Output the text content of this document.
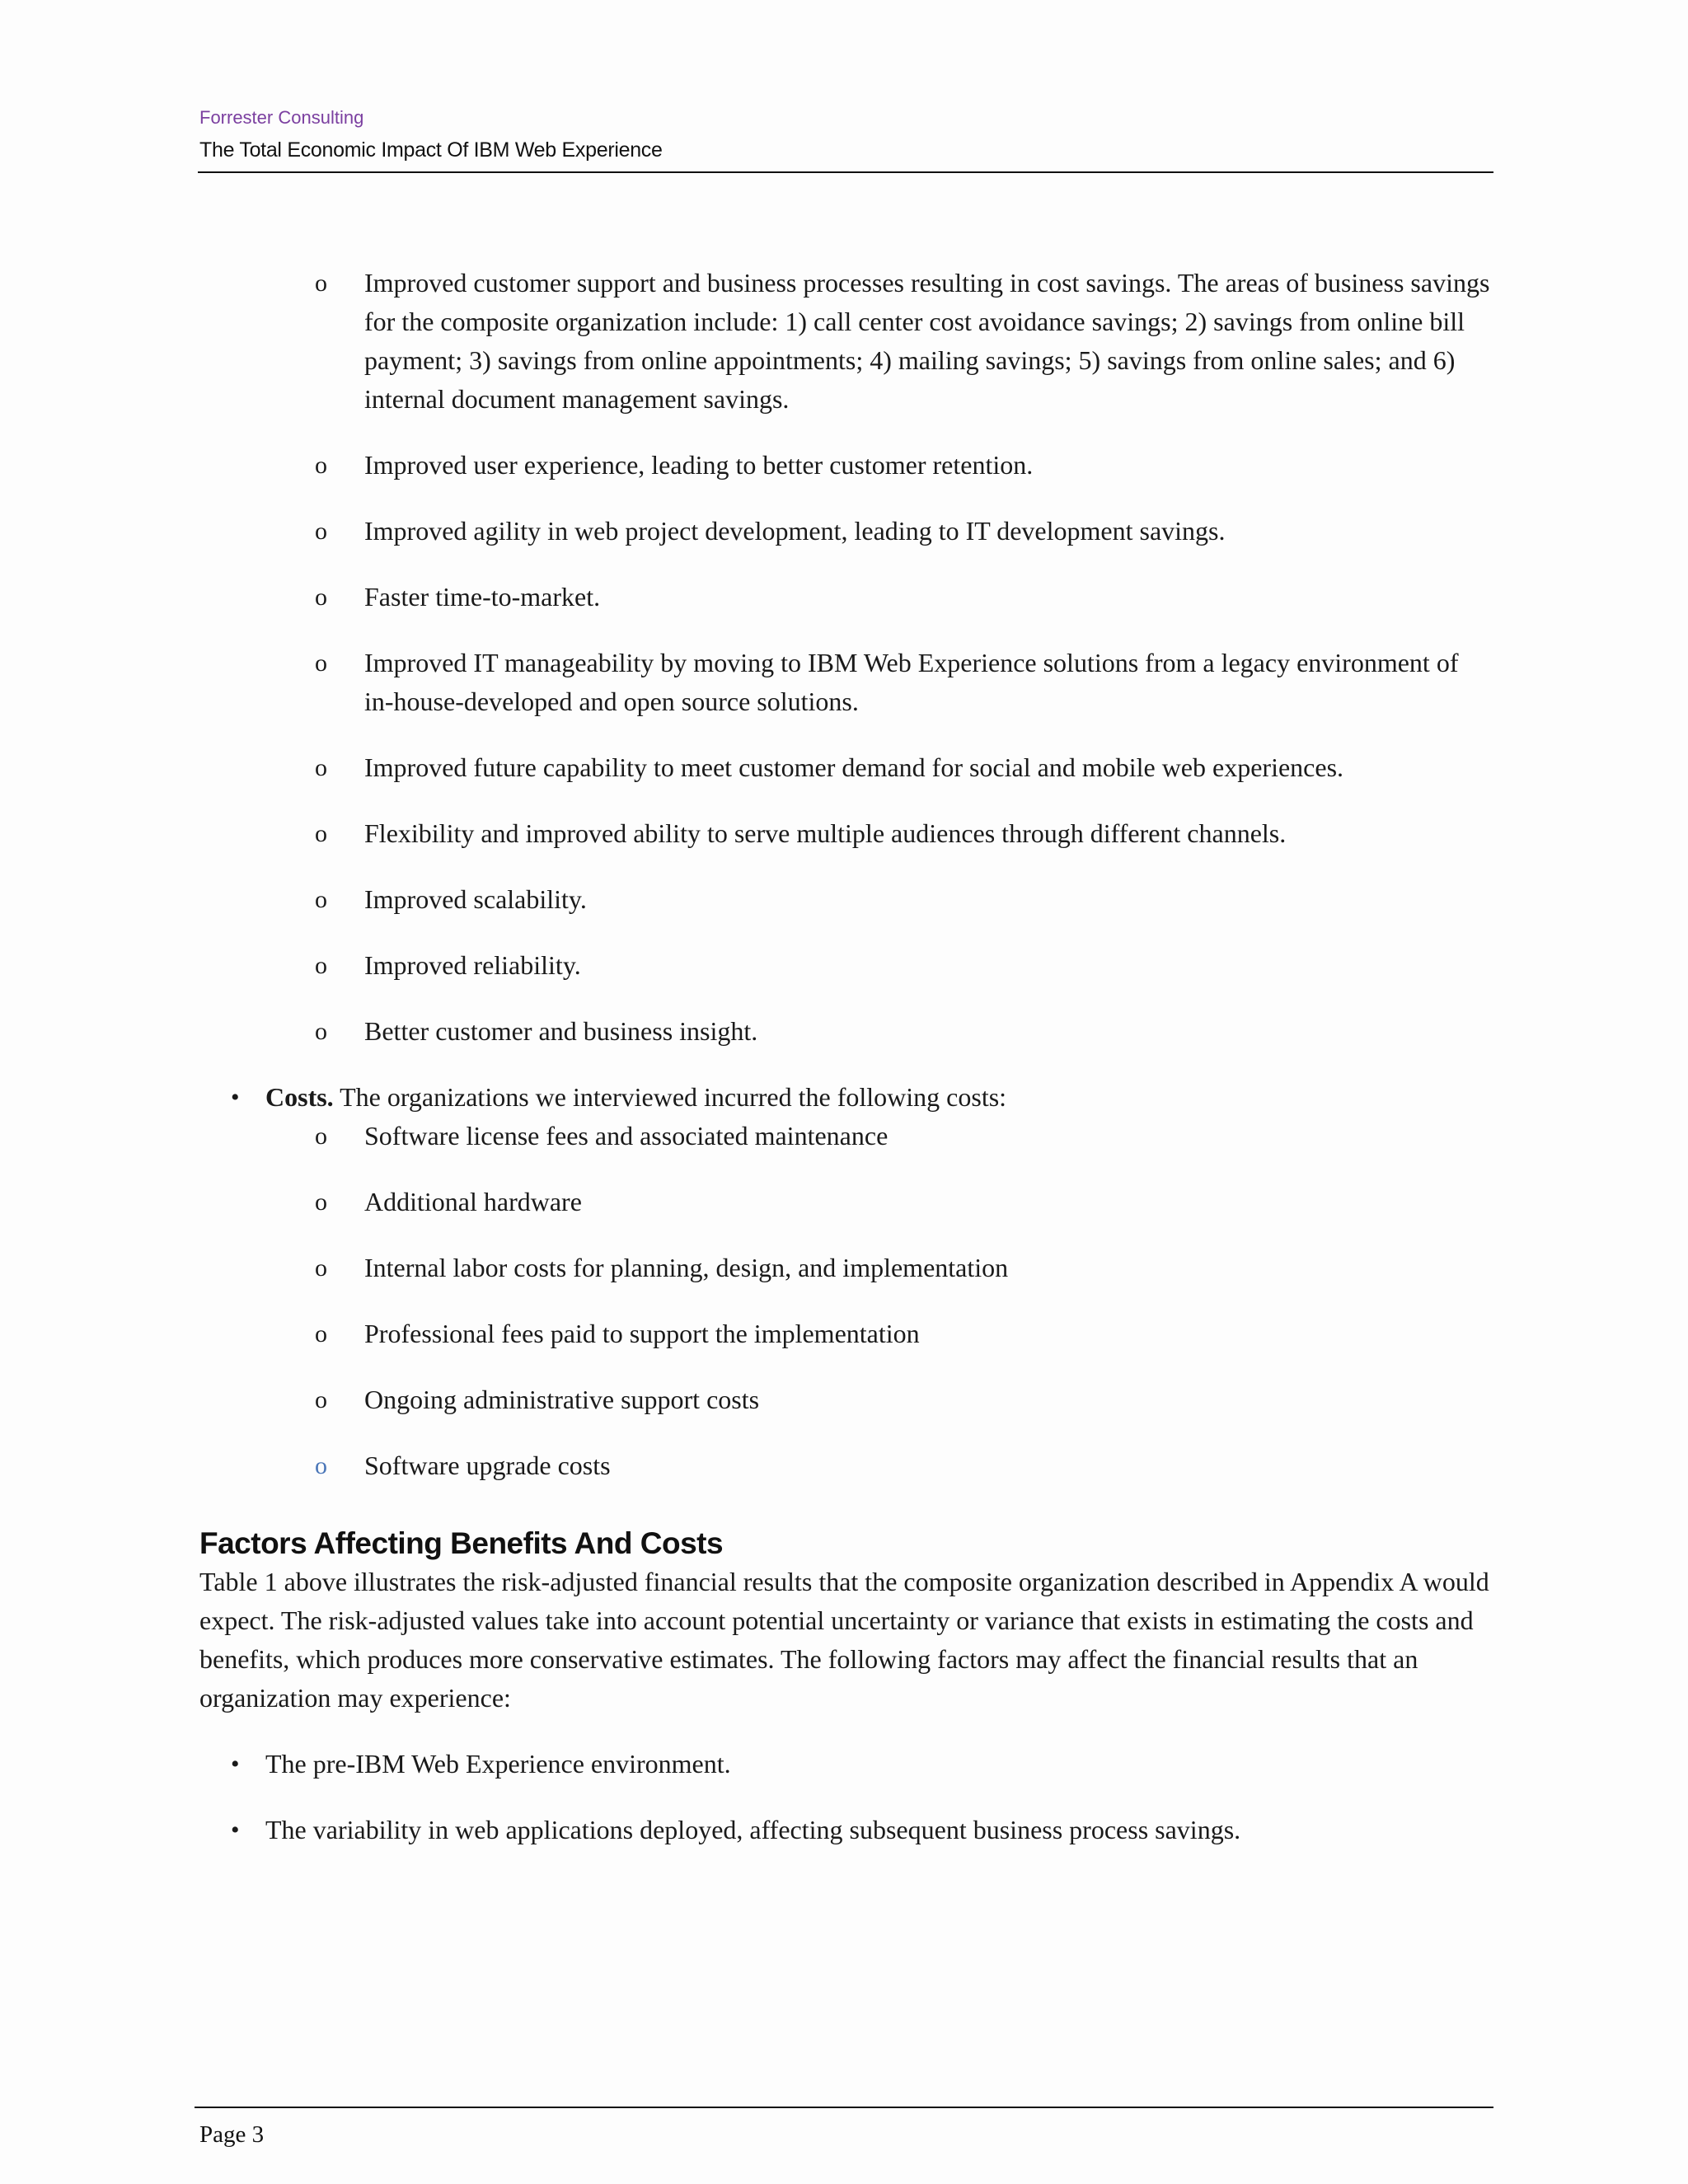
Forrester Consulting
The Total Economic Impact Of IBM Web Experience
o Improved customer support and business processes resulting in cost savings. The areas of business savings for the composite organization include: 1) call center cost avoidance savings; 2) savings from online bill payment; 3) savings from online appointments; 4) mailing savings; 5) savings from online sales; and 6) internal document management savings.
o Improved user experience, leading to better customer retention.
o Improved agility in web project development, leading to IT development savings.
o Faster time-to-market.
o Improved IT manageability by moving to IBM Web Experience solutions from a legacy environment of in-house-developed and open source solutions.
o Improved future capability to meet customer demand for social and mobile web experiences.
o Flexibility and improved ability to serve multiple audiences through different channels.
o Improved scalability.
o Improved reliability.
o Better customer and business insight.
• Costs. The organizations we interviewed incurred the following costs:
o Software license fees and associated maintenance
o Additional hardware
o Internal labor costs for planning, design, and implementation
o Professional fees paid to support the implementation
o Ongoing administrative support costs
o Software upgrade costs
Factors Affecting Benefits And Costs

Table 1 above illustrates the risk-adjusted financial results that the composite organization described in Appendix A would expect. The risk-adjusted values take into account potential uncertainty or variance that exists in estimating the costs and benefits, which produces more conservative estimates. The following factors may affect the financial results that an organization may experience:

• The pre-IBM Web Experience environment.
• The variability in web applications deployed, affecting subsequent business process savings.
Page 3
